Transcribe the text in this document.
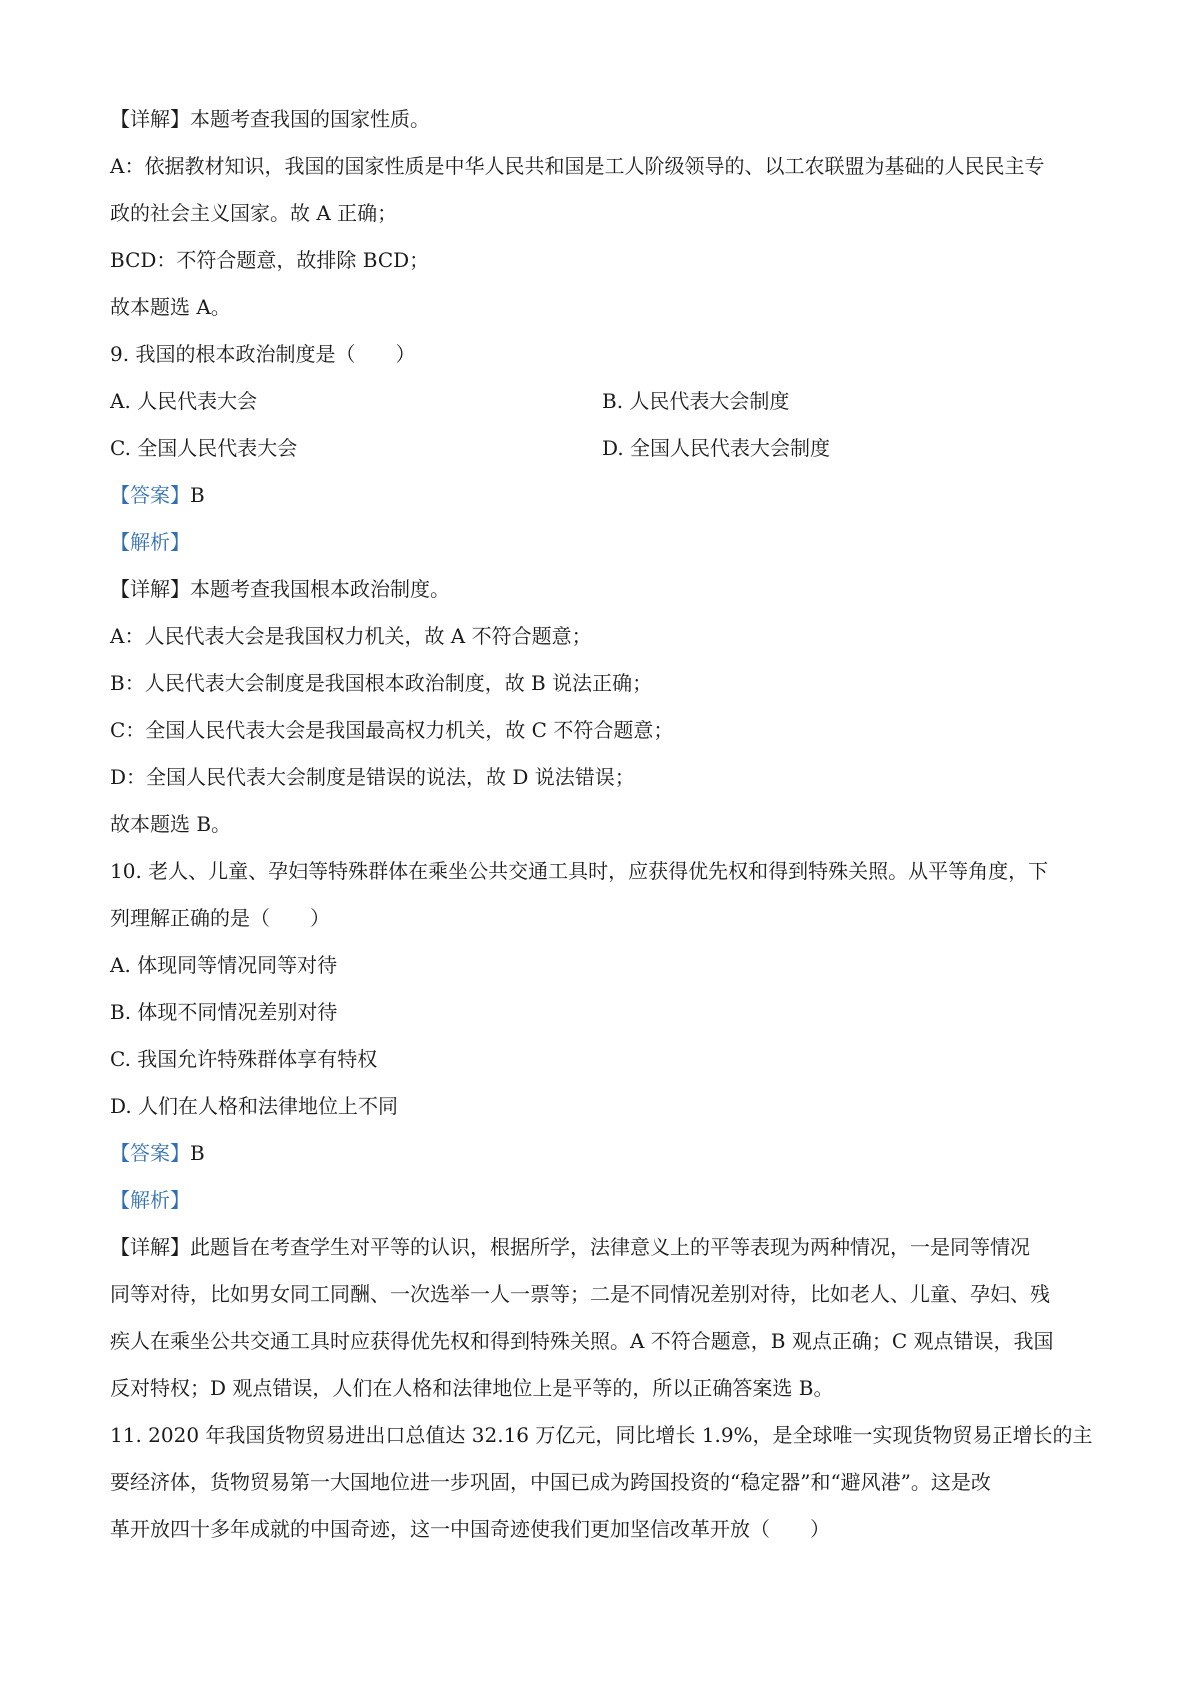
【详解】本题考查我国的国家性质。
A：依据教材知识，我国的国家性质是中华人民共和国是工人阶级领导的、以工农联盟为基础的人民民主专
政的社会主义国家。故 A 正确；
BCD：不符合题意，故排除 BCD；
故本题选 A。
9. 我国的根本政治制度是（　　）
A. 人民代表大会	B. 人民代表大会制度
C. 全国人民代表大会	D. 全国人民代表大会制度
【答案】B
【解析】
【详解】本题考查我国根本政治制度。
A：人民代表大会是我国权力机关，故 A 不符合题意；
B：人民代表大会制度是我国根本政治制度，故 B 说法正确；
C：全国人民代表大会是我国最高权力机关，故 C 不符合题意；
D：全国人民代表大会制度是错误的说法，故 D 说法错误；
故本题选 B。
10. 老人、儿童、孕妇等特殊群体在乘坐公共交通工具时，应获得优先权和得到特殊关照。从平等角度，下
列理解正确的是（　　）
A. 体现同等情况同等对待
B. 体现不同情况差别对待
C. 我国允许特殊群体享有特权
D. 人们在人格和法律地位上不同
【答案】B
【解析】
【详解】此题旨在考查学生对平等的认识，根据所学，法律意义上的平等表现为两种情况，一是同等情况
同等对待，比如男女同工同酬、一次选举一人一票等；二是不同情况差别对待，比如老人、儿童、孕妇、残
疾人在乘坐公共交通工具时应获得优先权和得到特殊关照。A 不符合题意，B 观点正确；C 观点错误，我国
反对特权；D 观点错误，人们在人格和法律地位上是平等的，所以正确答案选 B。
11. 2020 年我国货物贸易进出口总值达 32.16 万亿元，同比增长 1.9%，是全球唯一实现货物贸易正增长的主
要经济体，货物贸易第一大国地位进一步巩固，中国已成为跨国投资的“稳定器”和“避风港”。这是改
革开放四十多年成就的中国奇迹，这一中国奇迹使我们更加坚信改革开放（　　）
